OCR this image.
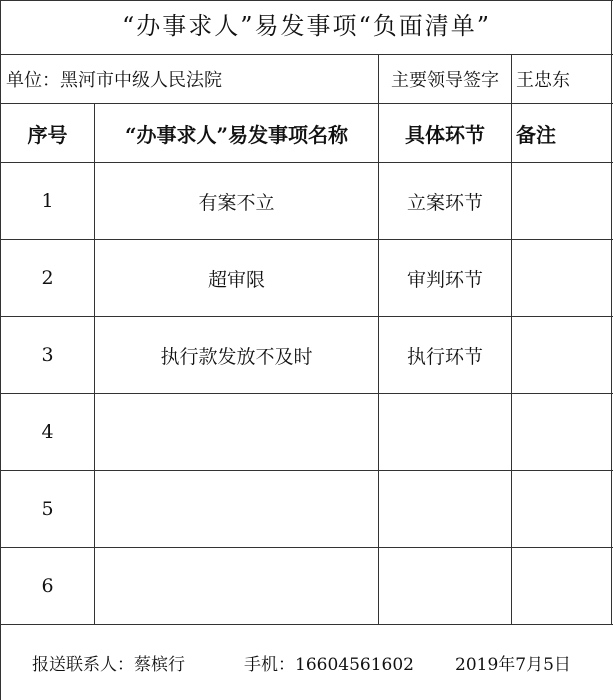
“办事求人”易发事项“负面清单”
单位：黑河市中级人民法院	主要领导签字 王忠东
序号	“办事求人”易发事项名称	具体环节	备注
1	有案不立	立案环节
2	超审限	审判环节
3	执行款发放不及时	执行环节
4
5
6
报送联系人：蔡槟行	手机：16604561602 2019年7月5日
